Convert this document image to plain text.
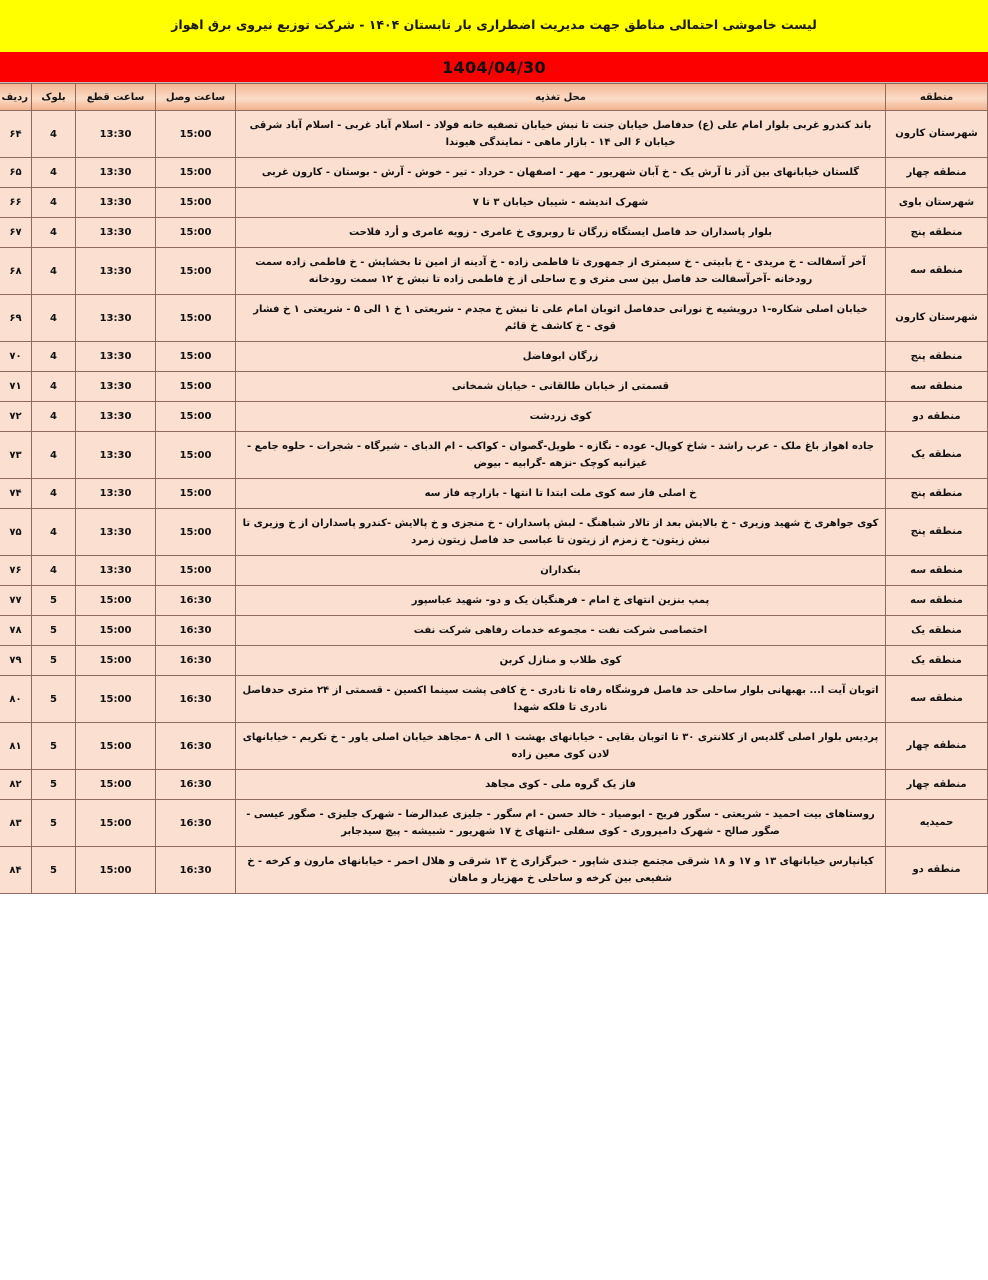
لیست خاموشی احتمالی مناطق جهت مدیریت اضطراری بار تابستان ۱۴۰۴ - شرکت توزیع نیروی برق اهواز
1404/04/30
منطقه	محل تغذیه	ساعت وصل	ساعت قطع	بلوک	ردیف
شهرستان کارون	باند کندرو غربی بلوار امام علی (ع) حدفاصل خیابان جنت تا نبش خیابان تصفیه خانه فولاد - اسلام آباد غربی - اسلام آباد شرقی خیابان ۶ الی ۱۴ - بازار ماهی - نمایندگی هیوندا	15:00	13:30	4	۶۴
منطقه چهار	گلستان خیابانهای بین آذر تا آرش یک - خ آبان شهریور - مهر - اصفهان - خرداد - تیر - خوش - آرش - بوستان - کارون غربی	15:00	13:30	4	۶۵
شهرستان باوی	شهرک اندیشه - شیبان خیابان ۳ تا ۷	15:00	13:30	4	۶۶
منطقه پنج	بلوار پاسداران حد فاصل ایستگاه زرگان تا روبروی خ عامری - زویه عامری و أرد فلاحت	15:00	13:30	4	۶۷
منطقه سه	آخر آسفالت - خ مریدی - خ بابیتی - خ سیمتری از جمهوری تا فاطمی زاده - خ آدینه از امین تا بخشایش - خ فاطمی زاده سمت رودخانه -آخرآسفالت حد فاصل بین سی متری و ج ساحلی از خ فاطمی زاده تا نبش خ ۱۲ سمت رودخانه	15:00	13:30	4	۶۸
شهرستان کارون	خیابان اصلی شکاره-۱ درویشیه خ نورانی حدفاصل اتوبان امام علی تا نبش خ مجدم - شریعتی ۱ خ ۱ الی ۵ - شریعتی ۱ خ فشار قوی - خ کاشف خ قائم	15:00	13:30	4	۶۹
منطقه پنج	زرگان ابوفاضل	15:00	13:30	4	۷۰
منطقه سه	قسمتی از خیابان طالقانی - خیابان شمخانی	15:00	13:30	4	۷۱
منطقه دو	کوی زردشت	15:00	13:30	4	۷۲
منطقه یک	جاده اهواز باغ ملک - عرب راشد - شاخ کوپال- عوده - نگازه - طویل-گصوان - کواکب - ام الدبای - شیرگاه - شجرات - حلوه جامع - غیزانیه کوچک -نزهه -گرابیه - بیوض	15:00	13:30	4	۷۳
منطقه پنج	خ اصلی فاز سه کوی ملت ابتدا تا انتها - بازارچه فاز سه	15:00	13:30	4	۷۴
منطقه پنج	کوی جواهری خ شهید وزیری - خ بالایش بعد از تالار شباهنگ - لبش پاسداران - خ منجزی و خ پالایش -کندرو پاسداران از خ وزیری تا نبش زیتون- خ زمزم از زیتون تا عباسی حد فاصل زیتون زمرد	15:00	13:30	4	۷۵
منطقه سه	بنکداران	15:00	13:30	4	۷۶
منطقه سه	پمپ بنزین انتهای خ امام - فرهنگیان یک و دو- شهید عباسپور	16:30	15:00	5	۷۷
منطقه یک	اختصاصی شرکت نفت - مجموعه خدمات رفاهی شرکت نفت	16:30	15:00	5	۷۸
منطقه یک	کوی طلاب و منازل کربن	16:30	15:00	5	۷۹
منطقه سه	اتوبان آیت ا... بهبهانی بلوار ساحلی حد فاصل فروشگاه رفاه تا نادری - خ کافی پشت سینما اکسین - قسمتی از ۲۴ متری حدفاصل نادری تا فلکه شهدا	16:30	15:00	5	۸۰
منطقه چهار	پردیس بلوار اصلی گلدیس از کلانتری ۳۰ تا اتوبان بقایی - خیابانهای بهشت ۱ الی ۸ -مجاهد خیابان اصلی یاور - خ تکریم - خیابانهای لادن کوی معین زاده	16:30	15:00	5	۸۱
منطقه چهار	فاز یک گروه ملی - کوی مجاهد	16:30	15:00	5	۸۲
حمیدیه	روستاهای بیت احمید - شریعتی - سگور فریح - ابوصیاد - خالد حسن - ام سگور - جلیزی عبدالرضا - شهرک جلیزی - صگور عیسی - صگور صالح - شهرک دامپروری - کوی سفلی -انتهای خ ۱۷ شهریور - شبیشه - پیچ سیدجابر	16:30	15:00	5	۸۳
منطقه دو	کیانپارس خیابانهای ۱۳ و ۱۷ و ۱۸ شرقی مجتمع جندی شاپور - خبرگزاری خ ۱۳ شرقی و هلال احمر - خیابانهای مارون و کرخه - خ شفیعی بین کرخه و ساحلی خ مهزیار و ماهان	16:30	15:00	5	۸۴
